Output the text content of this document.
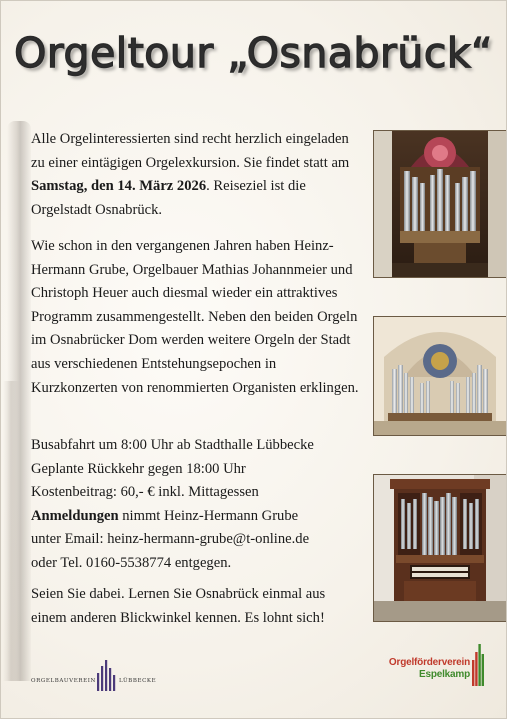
Orgeltour „Osnabrück“

Alle Orgelinteressierten sind recht herzlich eingeladen zu einer eintägigen Orgelexkursion. Sie findet statt am Samstag, den 14. März 2026. Reiseziel ist die Orgelstadt Osnabrück.

Wie schon in den vergangenen Jahren haben Heinz-Hermann Grube, Orgelbauer Mathias Johannmeier und Christoph Heuer auch diesmal wieder ein attraktives Programm zusammengestellt. Neben den beiden Orgeln im Osnabrücker Dom werden weitere Orgeln der Stadt aus verschiedenen Entstehungsepochen in Kurzkonzerten von renommierten Organisten erklingen.

Busabfahrt um 8:00 Uhr ab Stadthalle Lübbecke
Geplante Rückkehr gegen 18:00 Uhr
Kostenbeitrag: 60,- € inkl. Mittagessen
Anmeldungen nimmt Heinz-Hermann Grube
unter Email: heinz-hermann-grube@t-online.de
oder Tel. 0160-5538774 entgegen.

Seien Sie dabei. Lernen Sie Osnabrück einmal aus einem anderen Blickwinkel kennen. Es lohnt sich!

ORGELBAUVEREIN	LÜBBECKE
Orgelförderverein
Espelkamp
